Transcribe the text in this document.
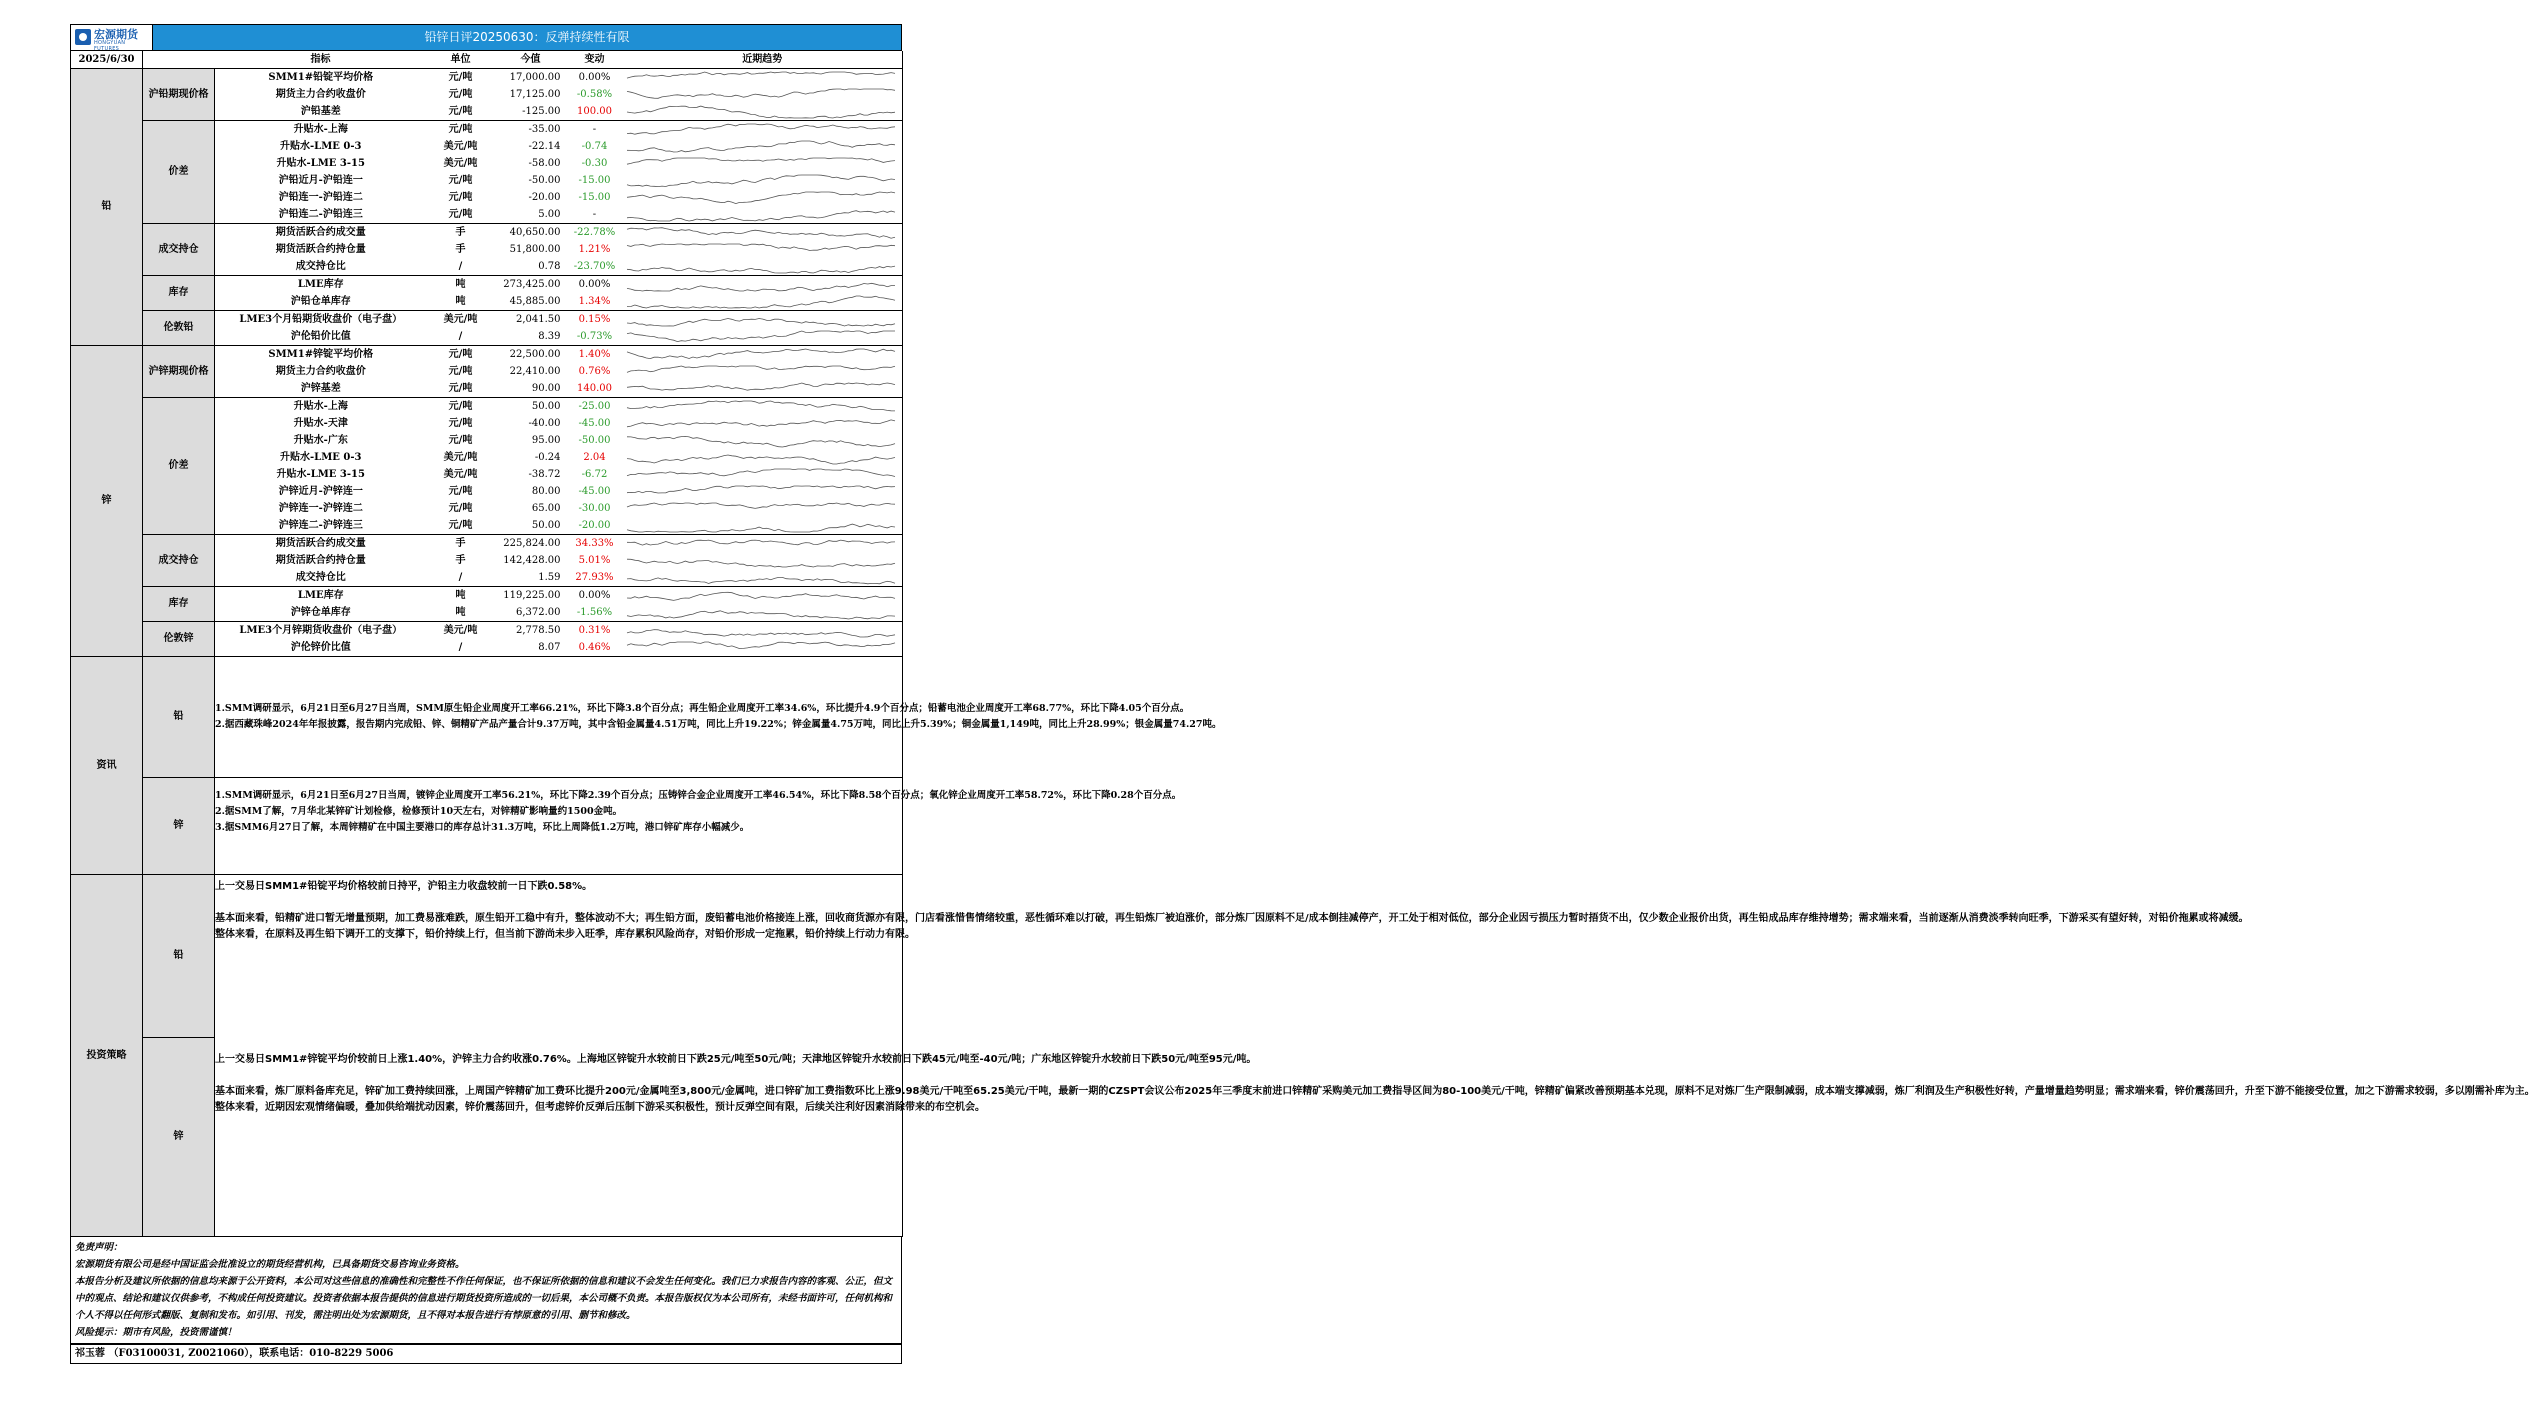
宏源期货
HONGYUAN FUTURES
铅锌日评20250630：反弹持续性有限
2025/6/30		指标	单位	今值	变动	近期趋势
铅	沪铅期现价格	SMM1#铅锭平均价格	元/吨	17,000.00	0.00%	

		期货主力合约收盘价	元/吨	17,125.00	-0.58%	

		沪铅基差	元/吨	-125.00	100.00	

	价差	升贴水-上海	元/吨	-35.00	-	

		升贴水-LME 0-3	美元/吨	-22.14	-0.74	

		升贴水-LME 3-15	美元/吨	-58.00	-0.30	

		沪铅近月-沪铅连一	元/吨	-50.00	-15.00	

		沪铅连一-沪铅连二	元/吨	-20.00	-15.00	

		沪铅连二-沪铅连三	元/吨	5.00	-	

	成交持仓	期货活跃合约成交量	手	40,650.00	-22.78%	

		期货活跃合约持仓量	手	51,800.00	1.21%	

		成交持仓比	/	0.78	-23.70%	

	库存	LME库存	吨	273,425.00	0.00%	

		沪铅仓单库存	吨	45,885.00	1.34%	

	伦敦铅	LME3个月铅期货收盘价（电子盘）	美元/吨	2,041.50	0.15%	

		沪伦铅价比值	/	8.39	-0.73%	

锌	沪锌期现价格	SMM1#锌锭平均价格	元/吨	22,500.00	1.40%	

		期货主力合约收盘价	元/吨	22,410.00	0.76%	

		沪锌基差	元/吨	90.00	140.00	

	价差	升贴水-上海	元/吨	50.00	-25.00	

		升贴水-天津	元/吨	-40.00	-45.00	

		升贴水-广东	元/吨	95.00	-50.00	

		升贴水-LME 0-3	美元/吨	-0.24	2.04	

		升贴水-LME 3-15	美元/吨	-38.72	-6.72	

		沪锌近月-沪锌连一	元/吨	80.00	-45.00	

		沪锌连一-沪锌连二	元/吨	65.00	-30.00	

		沪锌连二-沪锌连三	元/吨	50.00	-20.00	

	成交持仓	期货活跃合约成交量	手	225,824.00	34.33%	

		期货活跃合约持仓量	手	142,428.00	5.01%	

		成交持仓比	/	1.59	27.93%	

	库存	LME库存	吨	119,225.00	0.00%	

		沪锌仓单库存	吨	6,372.00	-1.56%	

	伦敦锌	LME3个月锌期货收盘价（电子盘）	美元/吨	2,778.50	0.31%	

		沪伦锌价比值	/	8.07	0.46%	
资讯	铅	1.SMM调研显示，6月21日至6月27日当周，SMM原生铅企业周度开工率66.21%，环比下降3.8个百分点；再生铅企业周度开工率34.6%，环比提升4.9个百分点；铅蓄电池企业周度开工率68.77%，环比下降4.05个百分点。
2.据西藏珠峰2024年年报披露，报告期内完成铅、锌、铜精矿产品产量合计9.37万吨，其中含铅金属量4.51万吨，同比上升19.22%；锌金属量4.75万吨，同比上升5.39%；铜金属量1,149吨，同比上升28.99%；银金属量74.27吨。

	锌	1.SMM调研显示，6月21日至6月27日当周，镀锌企业周度开工率56.21%，环比下降2.39个百分点；压铸锌合金企业周度开工率46.54%，环比下降8.58个百分点；氧化锌企业周度开工率58.72%，环比下降0.28个百分点。
2.据SMM了解，7月华北某锌矿计划检修，检修预计10天左右，对锌精矿影响量约1500金吨。
3.据SMM6月27日了解，本周锌精矿在中国主要港口的库存总计31.3万吨，环比上周降低1.2万吨，港口锌矿库存小幅减少。

投资策略	铅	上一交易日SMM1#铅锭平均价格较前日持平，沪铅主力收盘较前一日下跌0.58%。
基本面来看，铅精矿进口暂无增量预期，加工费易涨难跌，原生铅开工稳中有升，整体波动不大；再生铅方面，废铅蓄电池价格接连上涨，回收商货源亦有限，门店看涨惜售情绪较重，恶性循环难以打破，再生铅炼厂被迫涨价，部分炼厂因原料不足/成本倒挂减停产，开工处于相对低位，部分企业因亏损压力暂时捂货不出，仅少数企业报价出货，再生铅成品库存维持增势；需求端来看，当前逐渐从消费淡季转向旺季，下游采买有望好转，对铅价拖累或将减缓。
整体来看，在原料及再生铅下调开工的支撑下，铅价持续上行，但当前下游尚未步入旺季，库存累积风险尚存，对铅价形成一定拖累，铅价持续上行动力有限。

	锌	上一交易日SMM1#锌锭平均价较前日上涨1.40%，沪锌主力合约收涨0.76%。上海地区锌锭升水较前日下跌25元/吨至50元/吨；天津地区锌锭升水较前日下跌45元/吨至-40元/吨；广东地区锌锭升水较前日下跌50元/吨至95元/吨。
基本面来看，炼厂原料备库充足，锌矿加工费持续回涨，上周国产锌精矿加工费环比提升200元/金属吨至3,800元/金属吨，进口锌矿加工费指数环比上涨9.98美元/干吨至65.25美元/干吨，最新一期的CZSPT会议公布2025年三季度末前进口锌精矿采购美元加工费指导区间为80-100美元/干吨，锌精矿偏紧改善预期基本兑现，原料不足对炼厂生产限制减弱，成本端支撑减弱，炼厂利润及生产积极性好转，产量增量趋势明显；需求端来看，锌价震荡回升，升至下游不能接受位置，加之下游需求较弱，多以刚需补库为主。
整体来看，近期因宏观情绪偏暖，叠加供给端扰动因素，锌价震荡回升，但考虑锌价反弹后压制下游采买积极性，预计反弹空间有限，后续关注利好因素消除带来的布空机会。
免责声明：
宏源期货有限公司是经中国证监会批准设立的期货经营机构，已具备期货交易咨询业务资格。
本报告分析及建议所依据的信息均来源于公开资料，本公司对这些信息的准确性和完整性不作任何保证，也不保证所依据的信息和建议不会发生任何变化。我们已力求报告内容的客观、公正，但文中的观点、结论和建议仅供参考，不构成任何投资建议。投资者依据本报告提供的信息进行期货投资所造成的一切后果，本公司概不负责。本报告版权仅为本公司所有，未经书面许可，任何机构和个人不得以任何形式翻版、复制和发布。如引用、刊发，需注明出处为宏源期货，且不得对本报告进行有悖原意的引用、删节和修改。
风险提示：期市有风险，投资需谨慎！
祁玉蓉 （F03100031, Z0021060），联系电话：010-8229 5006
